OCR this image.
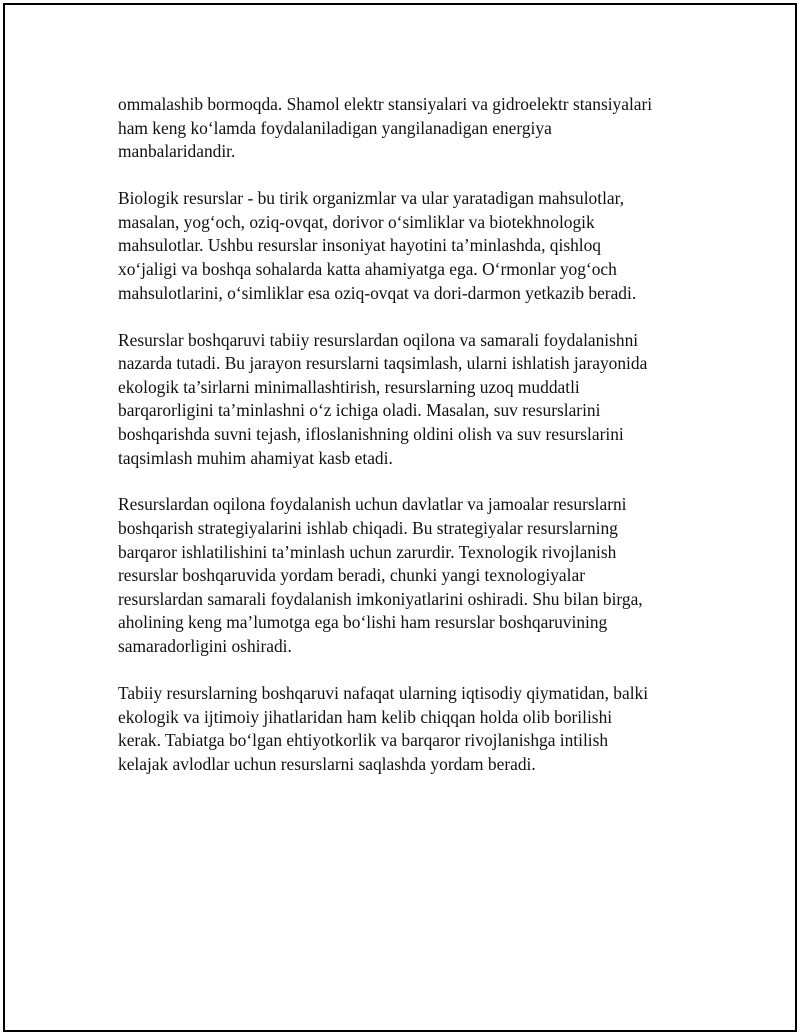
ommalashib bormoqda. Shamol elektr stansiyalari va gidroelektr stansiyalari
ham keng ko‘lamda foydalaniladigan yangilanadigan energiya
manbalaridandir.

Biologik resurslar - bu tirik organizmlar va ular yaratadigan mahsulotlar,
masalan, yog‘och, oziq-ovqat, dorivor o‘simliklar va biotekhnologik
mahsulotlar. Ushbu resurslar insoniyat hayotini ta’minlashda, qishloq
xo‘jaligi va boshqa sohalarda katta ahamiyatga ega. O‘rmonlar yog‘och
mahsulotlarini, o‘simliklar esa oziq-ovqat va dori-darmon yetkazib beradi.

Resurslar boshqaruvi tabiiy resurslardan oqilona va samarali foydalanishni
nazarda tutadi. Bu jarayon resurslarni taqsimlash, ularni ishlatish jarayonida
ekologik ta’sirlarni minimallashtirish, resurslarning uzoq muddatli
barqarorligini ta’minlashni o‘z ichiga oladi. Masalan, suv resurslarini
boshqarishda suvni tejash, ifloslanishning oldini olish va suv resurslarini
taqsimlash muhim ahamiyat kasb etadi.

Resurslardan oqilona foydalanish uchun davlatlar va jamoalar resurslarni
boshqarish strategiyalarini ishlab chiqadi. Bu strategiyalar resurslarning
barqaror ishlatilishini ta’minlash uchun zarurdir. Texnologik rivojlanish
resurslar boshqaruvida yordam beradi, chunki yangi texnologiyalar
resurslardan samarali foydalanish imkoniyatlarini oshiradi. Shu bilan birga,
aholining keng ma’lumotga ega bo‘lishi ham resurslar boshqaruvining
samaradorligini oshiradi.

Tabiiy resurslarning boshqaruvi nafaqat ularning iqtisodiy qiymatidan, balki
ekologik va ijtimoiy jihatlaridan ham kelib chiqqan holda olib borilishi
kerak. Tabiatga bo‘lgan ehtiyotkorlik va barqaror rivojlanishga intilish
kelajak avlodlar uchun resurslarni saqlashda yordam beradi.
